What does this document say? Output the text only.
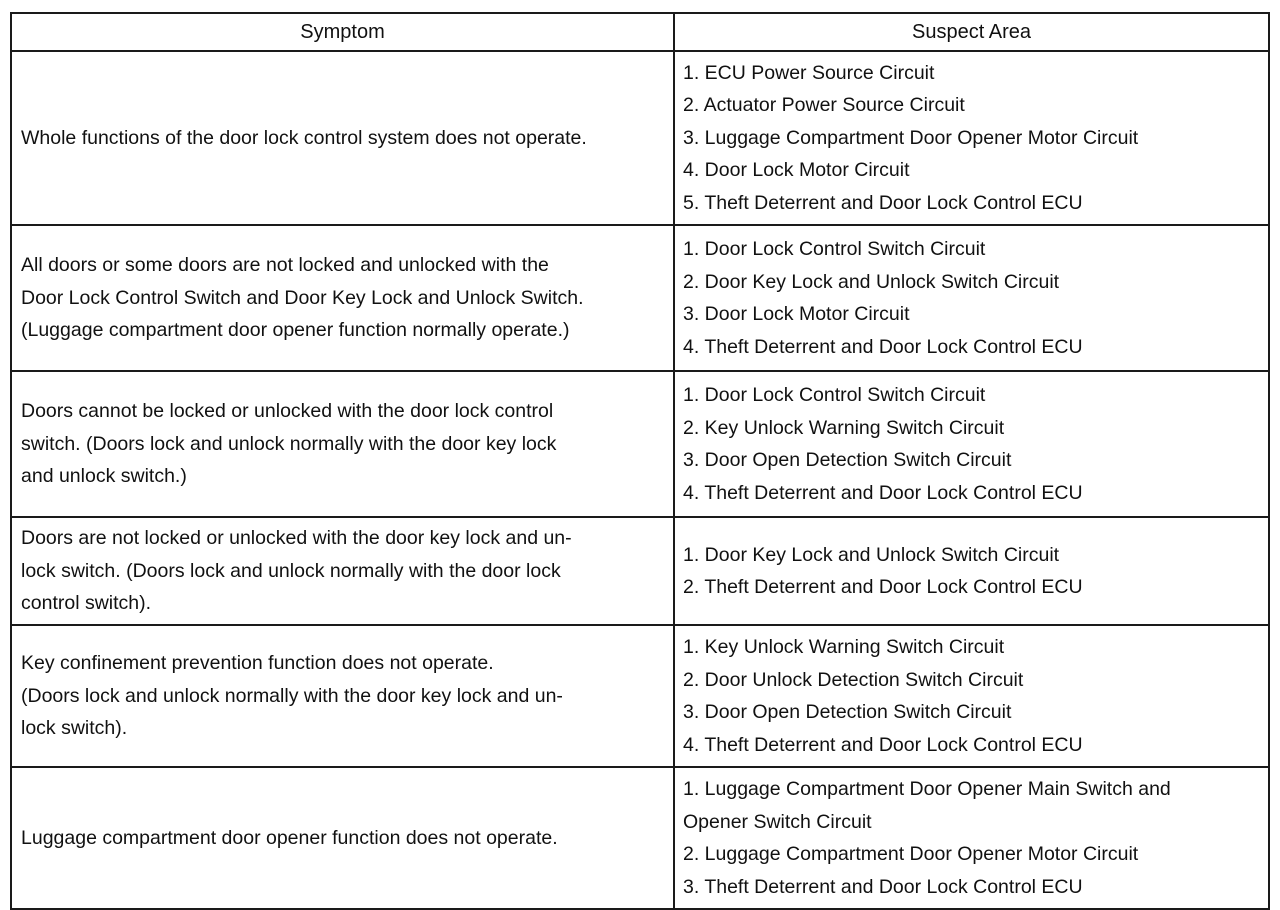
Symptom	Suspect Area

Whole functions of the door lock control system does not operate.	1. ECU Power Source Circuit
2. Actuator Power Source Circuit
3. Luggage Compartment Door Opener Motor Circuit
4. Door Lock Motor Circuit
5. Theft Deterrent and Door Lock Control ECU

All doors or some doors are not locked and unlocked with the
Door Lock Control Switch and Door Key Lock and Unlock Switch.
(Luggage compartment door opener function normally operate.)	1. Door Lock Control Switch Circuit
2. Door Key Lock and Unlock Switch Circuit
3. Door Lock Motor Circuit
4. Theft Deterrent and Door Lock Control ECU

Doors cannot be locked or unlocked with the door lock control
switch. (Doors lock and unlock normally with the door key lock
and unlock switch.)	1. Door Lock Control Switch Circuit
2. Key Unlock Warning Switch Circuit
3. Door Open Detection Switch Circuit
4. Theft Deterrent and Door Lock Control ECU

Doors are not locked or unlocked with the door key lock and un-
lock switch. (Doors lock and unlock normally with the door lock
control switch).	1. Door Key Lock and Unlock Switch Circuit
2. Theft Deterrent and Door Lock Control ECU

Key confinement prevention function does not operate.
(Doors lock and unlock normally with the door key lock and un-
lock switch).	1. Key Unlock Warning Switch Circuit
2. Door Unlock Detection Switch Circuit
3. Door Open Detection Switch Circuit
4. Theft Deterrent and Door Lock Control ECU

Luggage compartment door opener function does not operate.	1. Luggage Compartment Door Opener Main Switch and
Opener Switch Circuit
2. Luggage Compartment Door Opener Motor Circuit
3. Theft Deterrent and Door Lock Control ECU
